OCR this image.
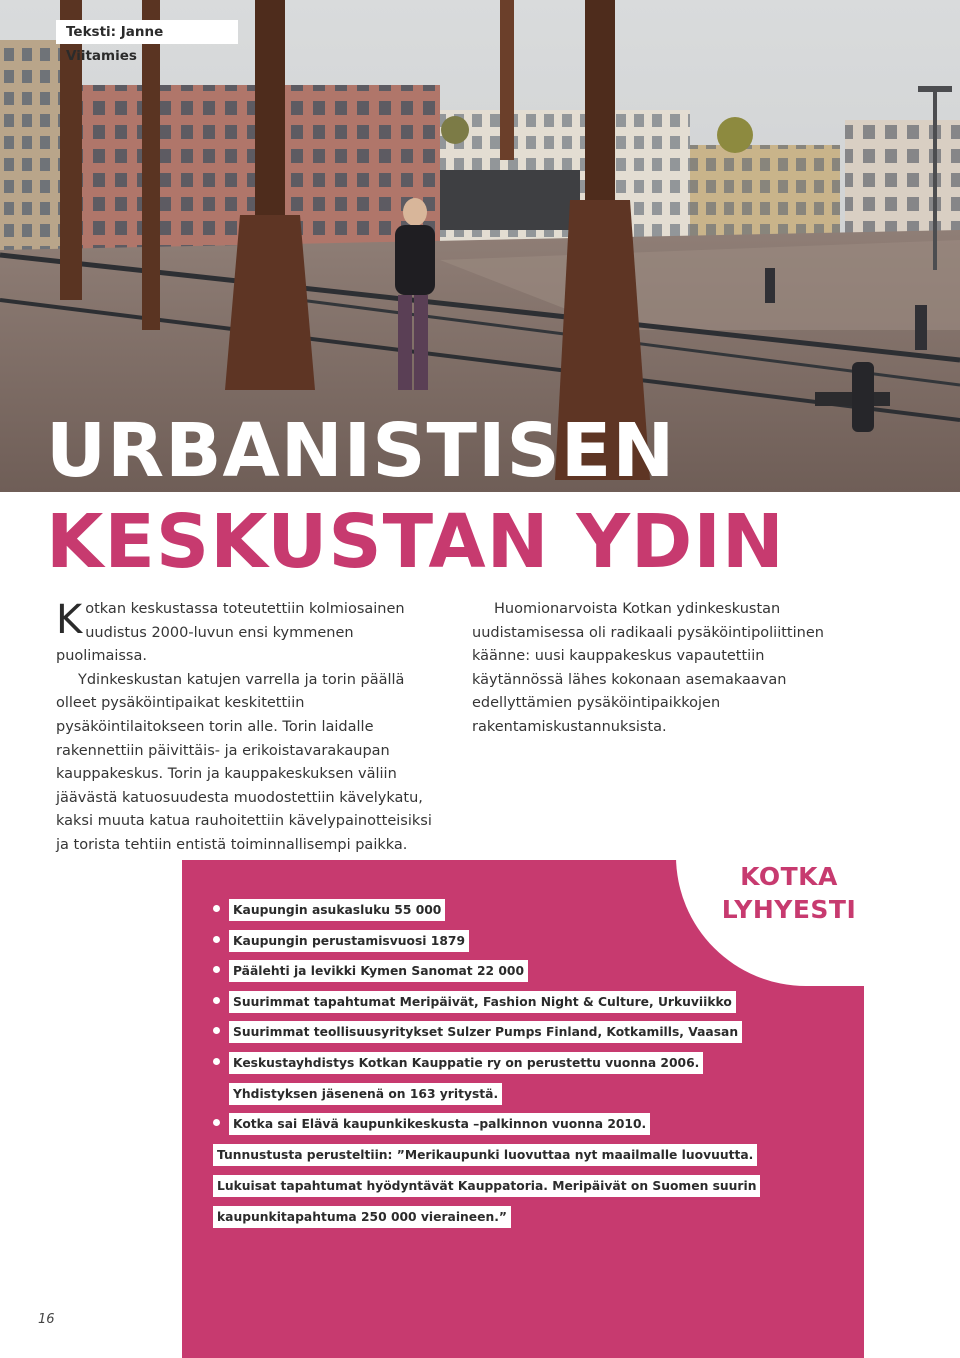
Teksti: Janne Viitamies
URBANISTISEN
KESKUSTAN YDIN

Kotkan keskustassa toteutettiin kolmiosainen uudistus 2000-luvun ensi kymmenen puolimaissa.

Ydinkeskustan katujen varrella ja torin päällä olleet pysäköintipaikat keskitettiin pysäköintilaitokseen torin alle. Torin laidalle rakennettiin päivittäis- ja erikoistavarakaupan kauppakeskus. Torin ja kauppakeskuksen väliin jäävästä katuosuudesta muodostettiin kävelykatu, kaksi muuta katua rauhoitettiin kävelypainotteisiksi ja torista tehtiin entistä toiminnallisempi paikka.

Huomionarvoista Kotkan ydinkeskustan uudistamisessa oli radikaali pysäköintipoliittinen käänne: uusi kauppakeskus vapautettiin käytännössä lähes kokonaan asemakaavan edellyttämien pysäköintipaikkojen rakentamiskustannuksista.

KOTKA
LYHYESTI
Kaupungin asukasluku 55 000
Kaupungin perustamisvuosi 1879
Päälehti ja levikki Kymen Sanomat 22 000
Suurimmat tapahtumat Meripäivät, Fashion Night & Culture, Urkuviikko
Suurimmat teollisuusyritykset Sulzer Pumps Finland, Kotkamills, Vaasan
Keskustayhdistys Kotkan Kauppatie ry on perustettu vuonna 2006.
Yhdistyksen jäsenenä on 163 yritystä.
Kotka sai Elävä kaupunkikeskusta –palkinnon vuonna 2010.
Tunnustusta perusteltiin: ”Merikaupunki luovuttaa nyt maailmalle luovuutta.
Lukuisat tapahtumat hyödyntävät Kauppatoria. Meripäivät on Suomen suurin
kaupunkitapahtuma 250 000 vieraineen.”
16
